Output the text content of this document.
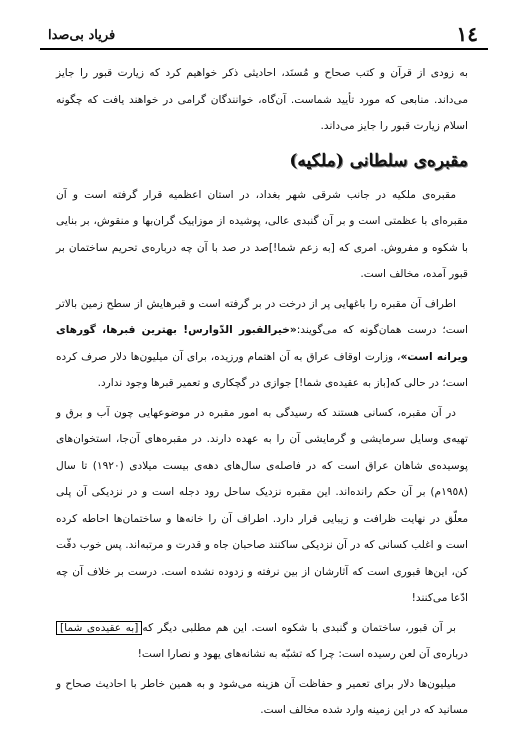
١٤
فرياد بی‌صدا

به زودی از قرآن و کتب صحاح و مُسنَد، احادیثی ذکر خواهیم کرد که زیارت قبور را جایز می‌داند. منابعی که مورد تأیید شماست. آن‌گاه، خوانندگان گرامی در خواهند یافت که چگونه اسلام زیارت قبور را جایز می‌داند.

مقبره‌ی سلطانی (ملکیه)

مقبره‌ی ملکیه در جانب شرقی شهر بغداد، در استان اعظمیه قرار گرفته است و آن مقبره‌ای با عظمتی است و بر آن گنبدی عالی، پوشیده از موزاییک گران‌بها و منقوش، بر بنایی با شکوه و مفروش. امری که [به زعم شما!]صد در صد با آن چه درباره‌ی تحریم ساختمان بر قبور آمده، مخالف است.

اطراف آن مقبره را باغهایی پر از درخت در بر گرفته است و قبرهایش از سطح زمین بالاتر است؛ درست همان‌گونه که می‌گویند:«خیرالقبور الدّوارس! بهترین قبرها، گورهای ویرانه است»، وزارت اوقاف عراق به آن اهتمام ورزیده، برای آن میلیون‌ها دلار صرف کرده است؛ در حالی که[باز به عقیده‌ی شما!] جوازی در گچکاری و تعمیر قبرها وجود ندارد.

در آن مقبره، کسانی هستند که رسیدگی به امور مقبره در موضوعهایی چون آب و برق و تهیه‌ی وسایل سرمایشی و گرمایشی آن را به عهده دارند. در مقبره‌های آن‌جا، استخوان‌های پوسیده‌ی شاهان عراق است که در فاصله‌ی سال‌های دهه‌ی بیست میلادی (١٩٢٠) تا سال (١٩٥٨م) بر آن حکم رانده‌اند. این مقبره نزدیک ساحل رود دجله است و در نزدیکی آن پلی معلّق در نهایت ظرافت و زیبایی قرار دارد. اطراف آن را خانه‌ها و ساختمان‌ها احاطه کرده است و اغلب کسانی که در آن نزدیکی ساکنند صاحبان جاه و قدرت و مرتبه‌اند. پس خوب دقّت کن، این‌ها قبوری است که آثارشان از بین نرفته و زدوده نشده است. درست بر خلاف آن چه ادّعا می‌کنند!

بر آن قبور، ساختمان و گنبدی با شکوه است. این هم مطلبی دیگر که[به عقیده‌ی شما] درباره‌ی آن لعن رسیده است: چرا که تشبّه به نشانه‌های یهود و نصارا است!

میلیون‌ها دلار برای تعمیر و حفاظت آن هزینه می‌شود و به همین خاطر با احادیث صحاح و مسانید که در این زمینه وارد شده مخالف است.
